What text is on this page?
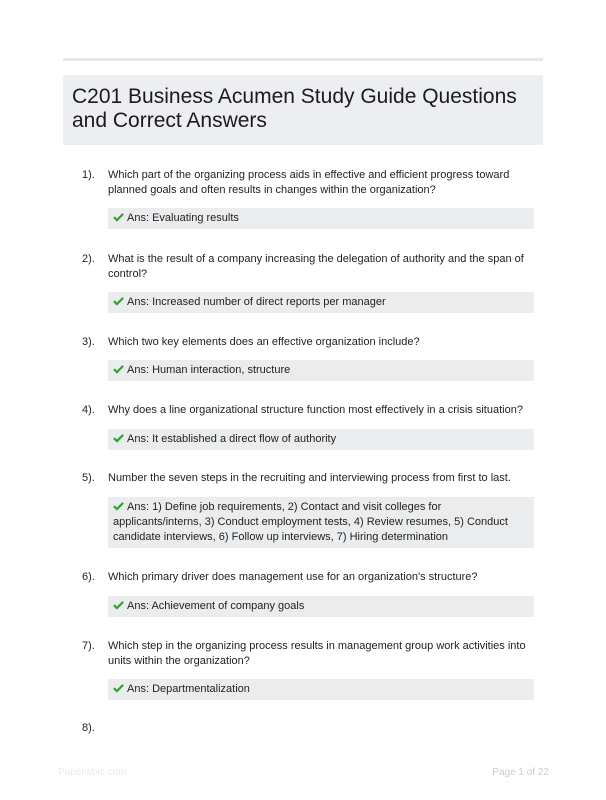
C201 Business Acumen Study Guide Questions and Correct Answers
1). Which part of the organizing process aids in effective and efficient progress toward planned goals and often results in changes within the organization?
Ans: Evaluating results
2). What is the result of a company increasing the delegation of authority and the span of control?
Ans: Increased number of direct reports per manager
3). Which two key elements does an effective organization include?
Ans: Human interaction, structure
4). Why does a line organizational structure function most effectively in a crisis situation?
Ans: It established a direct flow of authority
5). Number the seven steps in the recruiting and interviewing process from first to last.
Ans: 1) Define job requirements, 2) Contact and visit colleges for applicants/interns, 3) Conduct employment tests, 4) Review resumes, 5) Conduct candidate interviews, 6) Follow up interviews, 7) Hiring determination
6). Which primary driver does management use for an organization's structure?
Ans: Achievement of company goals
7). Which step in the organizing process results in management group work activities into units within the organization?
Ans: Departmentalization
8).
Paperwbic.com	Page 1 of 22
